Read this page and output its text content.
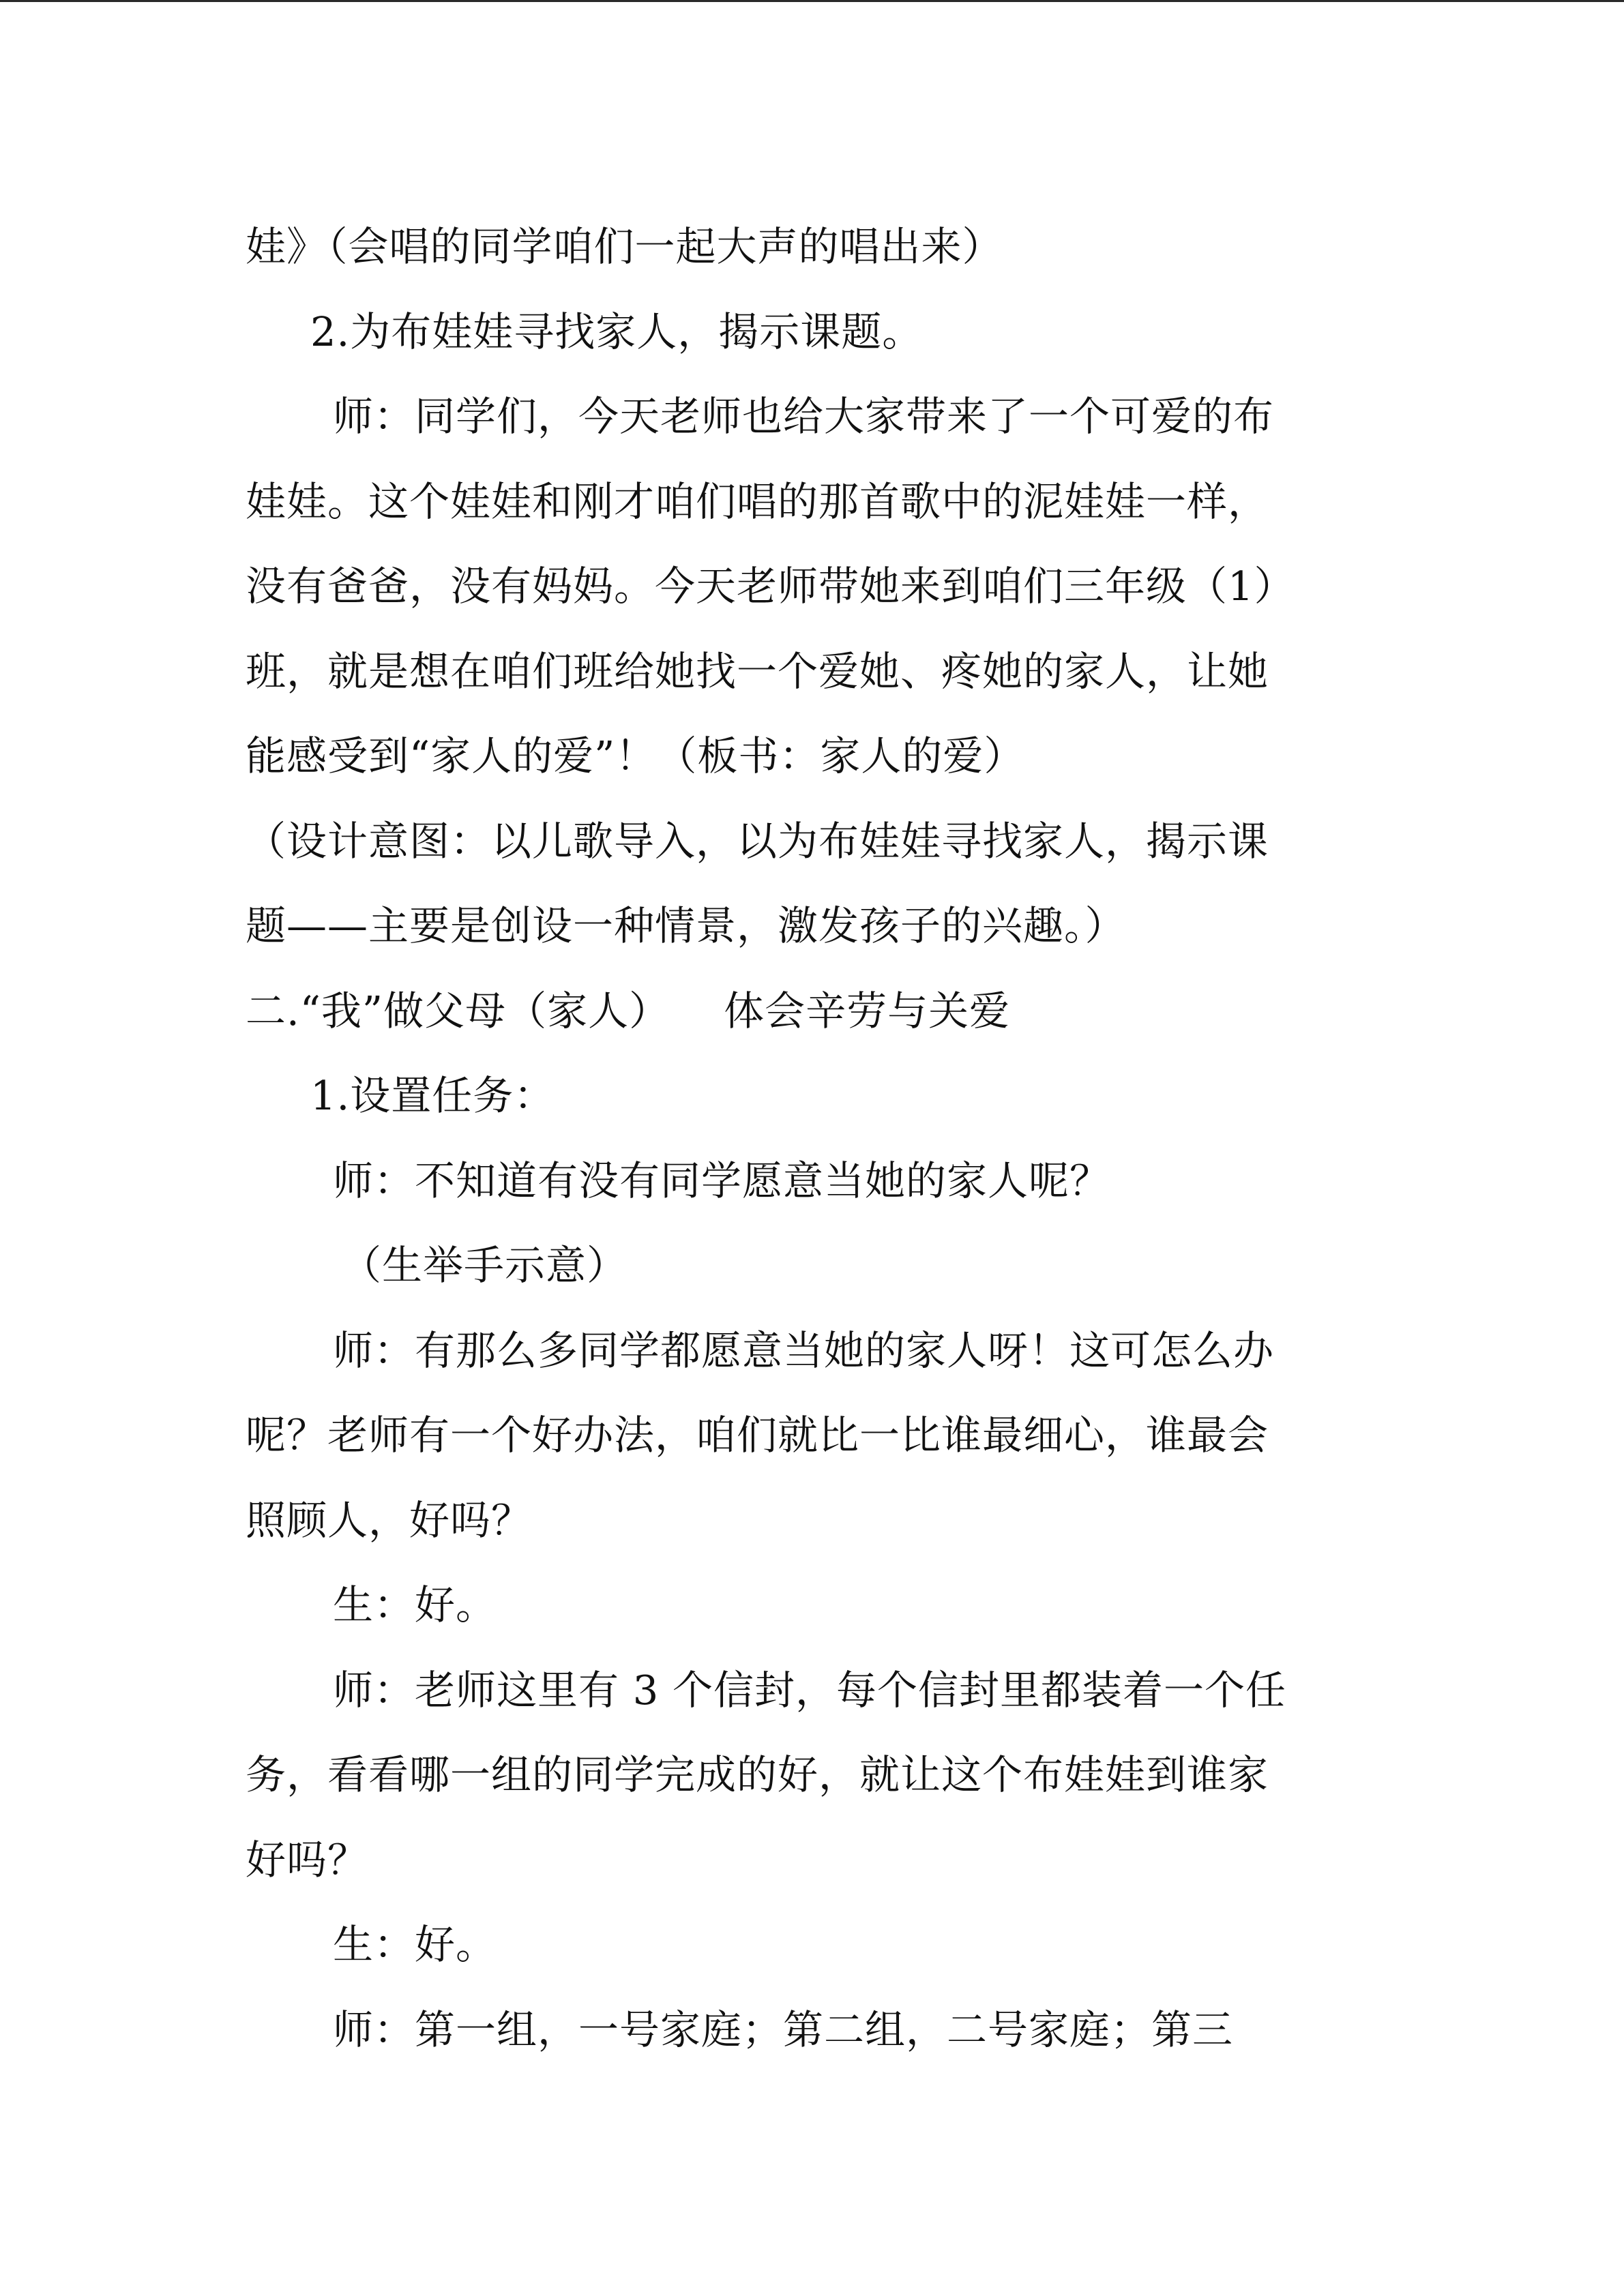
娃》（会唱的同学咱们一起大声的唱出来）
2.为布娃娃寻找家人，揭示课题。
师：同学们，今天老师也给大家带来了一个可爱的布
娃娃。这个娃娃和刚才咱们唱的那首歌中的泥娃娃一样，
没有爸爸，没有妈妈。今天老师带她来到咱们三年级（1）
班，就是想在咱们班给她找一个爱她、疼她的家人，让她
能感受到“家人的爱”！（板书：家人的爱）
（设计意图：以儿歌导入，以为布娃娃寻找家人，揭示课
题——主要是创设一种情景，激发孩子的兴趣。）
二.“我”做父母（家人）    体会辛劳与关爱
1.设置任务：
师：不知道有没有同学愿意当她的家人呢？
（生举手示意）
师：有那么多同学都愿意当她的家人呀！这可怎么办
呢？老师有一个好办法，咱们就比一比谁最细心，谁最会
照顾人，好吗？
生：好。
师：老师这里有 3 个信封，每个信封里都装着一个任
务，看看哪一组的同学完成的好，就让这个布娃娃到谁家
好吗？
生：好。
师：第一组，一号家庭；第二组，二号家庭；第三
